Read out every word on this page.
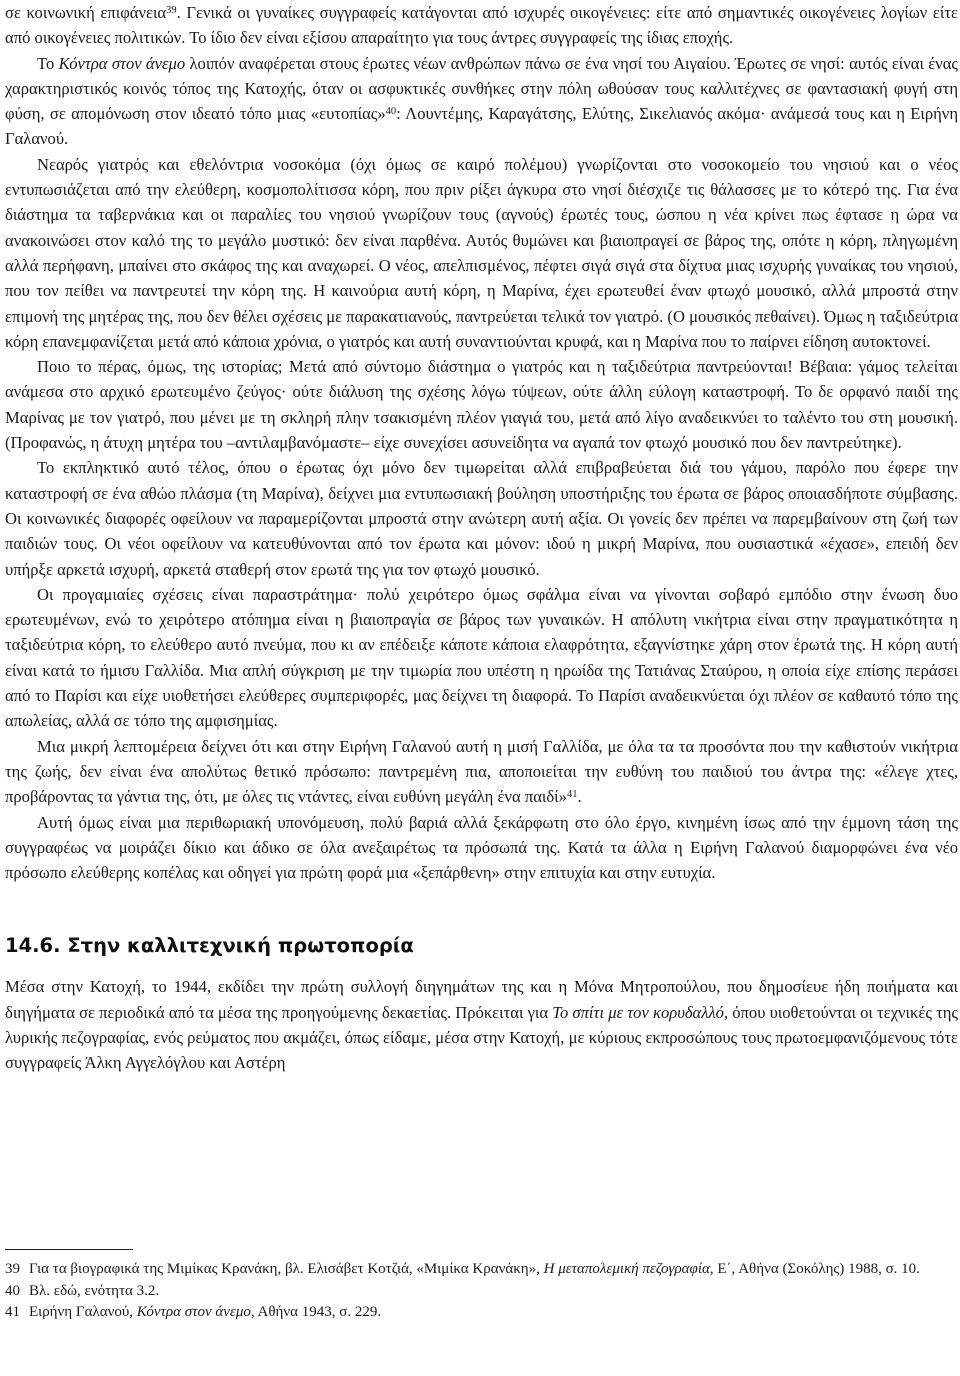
σε κοινωνική επιφάνεια$^{39}$. Γενικά οι γυναίκες συγγραφείς κατάγονται από ισχυρές οικογένειες: είτε από σημαντικές οικογένειες λογίων είτε από οικογένειες πολιτικών. Το ίδιο δεν είναι εξίσου απαραίτητο για τους άντρες συγγραφείς της ίδιας εποχής.

Το Κόντρα στον άνεμο λοιπόν αναφέρεται στους έρωτες νέων ανθρώπων πάνω σε ένα νησί του Αιγαίου. Έρωτες σε νησί: αυτός είναι ένας χαρακτηριστικός κοινός τόπος της Κατοχής, όταν οι ασφυκτικές συνθήκες στην πόλη ωθούσαν τους καλλιτέχνες σε φαντασιακή φυγή στη φύση, σε απομόνωση στον ιδεατό τόπο μιας «ευτοπίας»$^{40}$: Λουντέμης, Καραγάτσης, Ελύτης, Σικελιανός ακόμα· ανάμεσά τους και η Ειρήνη Γαλανού.

Νεαρός γιατρός και εθελόντρια νοσοκόμα (όχι όμως σε καιρό πολέμου) γνωρίζονται στο νοσοκομείο του νησιού και ο νέος εντυπωσιάζεται από την ελεύθερη, κοσμοπολίτισσα κόρη, που πριν ρίξει άγκυρα στο νησί διέσχιζε τις θάλασσες με το κότερό της. Για ένα διάστημα τα ταβερνάκια και οι παραλίες του νησιού γνωρίζουν τους (αγνούς) έρωτές τους, ώσπου η νέα κρίνει πως έφτασε η ώρα να ανακοινώσει στον καλό της το μεγάλο μυστικό: δεν είναι παρθένα. Αυτός θυμώνει και βιαιοπραγεί σε βάρος της, οπότε η κόρη, πληγωμένη αλλά περήφανη, μπαίνει στο σκάφος της και αναχωρεί. Ο νέος, απελπισμένος, πέφτει σιγά σιγά στα δίχτυα μιας ισχυρής γυναίκας του νησιού, που τον πείθει να παντρευτεί την κόρη της. Η καινούρια αυτή κόρη, η Μαρίνα, έχει ερωτευθεί έναν φτωχό μουσικό, αλλά μπροστά στην επιμονή της μητέρας της, που δεν θέλει σχέσεις με παρακατιανούς, παντρεύεται τελικά τον γιατρό. (Ο μουσικός πεθαίνει). Όμως η ταξιδεύτρια κόρη επανεμφανίζεται μετά από κάποια χρόνια, ο γιατρός και αυτή συναντιούνται κρυφά, και η Μαρίνα που το παίρνει είδηση αυτοκτονεί.

Ποιο το πέρας, όμως, της ιστορίας; Μετά από σύντομο διάστημα ο γιατρός και η ταξιδεύτρια παντρεύονται! Βέβαια: γάμος τελείται ανάμεσα στο αρχικό ερωτευμένο ζεύγος· ούτε διάλυση της σχέσης λόγω τύψεων, ούτε άλλη εύλογη καταστροφή. Το δε ορφανό παιδί της Μαρίνας με τον γιατρό, που μένει με τη σκληρή πλην τσακισμένη πλέον γιαγιά του, μετά από λίγο αναδεικνύει το ταλέντο του στη μουσική. (Προφανώς, η άτυχη μητέρα του –αντιλαμβανόμαστε– είχε συνεχίσει ασυνείδητα να αγαπά τον φτωχό μουσικό που δεν παντρεύτηκε).

Το εκπληκτικό αυτό τέλος, όπου ο έρωτας όχι μόνο δεν τιμωρείται αλλά επιβραβεύεται διά του γάμου, παρόλο που έφερε την καταστροφή σε ένα αθώο πλάσμα (τη Μαρίνα), δείχνει μια εντυπωσιακή βούληση υποστήριξης του έρωτα σε βάρος οποιασδήποτε σύμβασης. Οι κοινωνικές διαφορές οφείλουν να παραμερίζονται μπροστά στην ανώτερη αυτή αξία. Οι γονείς δεν πρέπει να παρεμβαίνουν στη ζωή των παιδιών τους. Οι νέοι οφείλουν να κατευθύνονται από τον έρωτα και μόνον: ιδού η μικρή Μαρίνα, που ουσιαστικά «έχασε», επειδή δεν υπήρξε αρκετά ισχυρή, αρκετά σταθερή στον ερωτά της για τον φτωχό μουσικό.

Οι προγαμιαίες σχέσεις είναι παραστράτημα· πολύ χειρότερο όμως σφάλμα είναι να γίνονται σοβαρό εμπόδιο στην ένωση δυο ερωτευμένων, ενώ το χειρότερο ατόπημα είναι η βιαιοπραγία σε βάρος των γυναικών. Η απόλυτη νικήτρια είναι στην πραγματικότητα η ταξιδεύτρια κόρη, το ελεύθερο αυτό πνεύμα, που κι αν επέδειξε κάποτε κάποια ελαφρότητα, εξαγνίστηκε χάρη στον έρωτά της. Η κόρη αυτή είναι κατά το ήμισυ Γαλλίδα. Μια απλή σύγκριση με την τιμωρία που υπέστη η ηρωίδα της Τατιάνας Σταύρου, η οποία είχε επίσης περάσει από το Παρίσι και είχε υιοθετήσει ελεύθερες συμπεριφορές, μας δείχνει τη διαφορά. Το Παρίσι αναδεικνύεται όχι πλέον σε καθαυτό τόπο της απωλείας, αλλά σε τόπο της αμφισημίας.

Μια μικρή λεπτομέρεια δείχνει ότι και στην Ειρήνη Γαλανού αυτή η μισή Γαλλίδα, με όλα τα τα προσόντα που την καθιστούν νικήτρια της ζωής, δεν είναι ένα απολύτως θετικό πρόσωπο: παντρεμένη πια, αποποιείται την ευθύνη του παιδιού του άντρα της: «έλεγε χτες, προβάροντας τα γάντια της, ότι, με όλες τις ντάντες, είναι ευθύνη μεγάλη ένα παιδί»$^{41}$.

Αυτή όμως είναι μια περιθωριακή υπονόμευση, πολύ βαριά αλλά ξεκάρφωτη στο όλο έργο, κινημένη ίσως από την έμμονη τάση της συγγραφέως να μοιράζει δίκιο και άδικο σε όλα ανεξαιρέτως τα πρόσωπά της. Κατά τα άλλα η Ειρήνη Γαλανού διαμορφώνει ένα νέο πρόσωπο ελεύθερης κοπέλας και οδηγεί για πρώτη φορά μια «ξεπάρθενη» στην επιτυχία και στην ευτυχία.

14.6. Στην καλλιτεχνική πρωτοπορία

Μέσα στην Κατοχή, το 1944, εκδίδει την πρώτη συλλογή διηγημάτων της και η Μόνα Μητροπούλου, που δημοσίευε ήδη ποιήματα και διηγήματα σε περιοδικά από τα μέσα της προηγούμενης δεκαετίας. Πρόκειται για Το σπίτι με τον κορυδαλλό, όπου υιοθετούνται οι τεχνικές της λυρικής πεζογραφίας, ενός ρεύματος που ακμάζει, όπως είδαμε, μέσα στην Κατοχή, με κύριους εκπροσώπους τους πρωτοεμφανιζόμενους τότε συγγραφείς Άλκη Αγγελόγλου και Αστέρη

39 Για τα βιογραφικά της Μιμίκας Κρανάκη, βλ. Ελισάβετ Κοτζιά, «Μιμίκα Κρανάκη», Η μεταπολεμική πεζογραφία, Ε΄, Αθήνα (Σοκόλης) 1988, σ. 10.
40 Βλ. εδώ, ενότητα 3.2.
41 Ειρήνη Γαλανού, Κόντρα στον άνεμο, Αθήνα 1943, σ. 229.
